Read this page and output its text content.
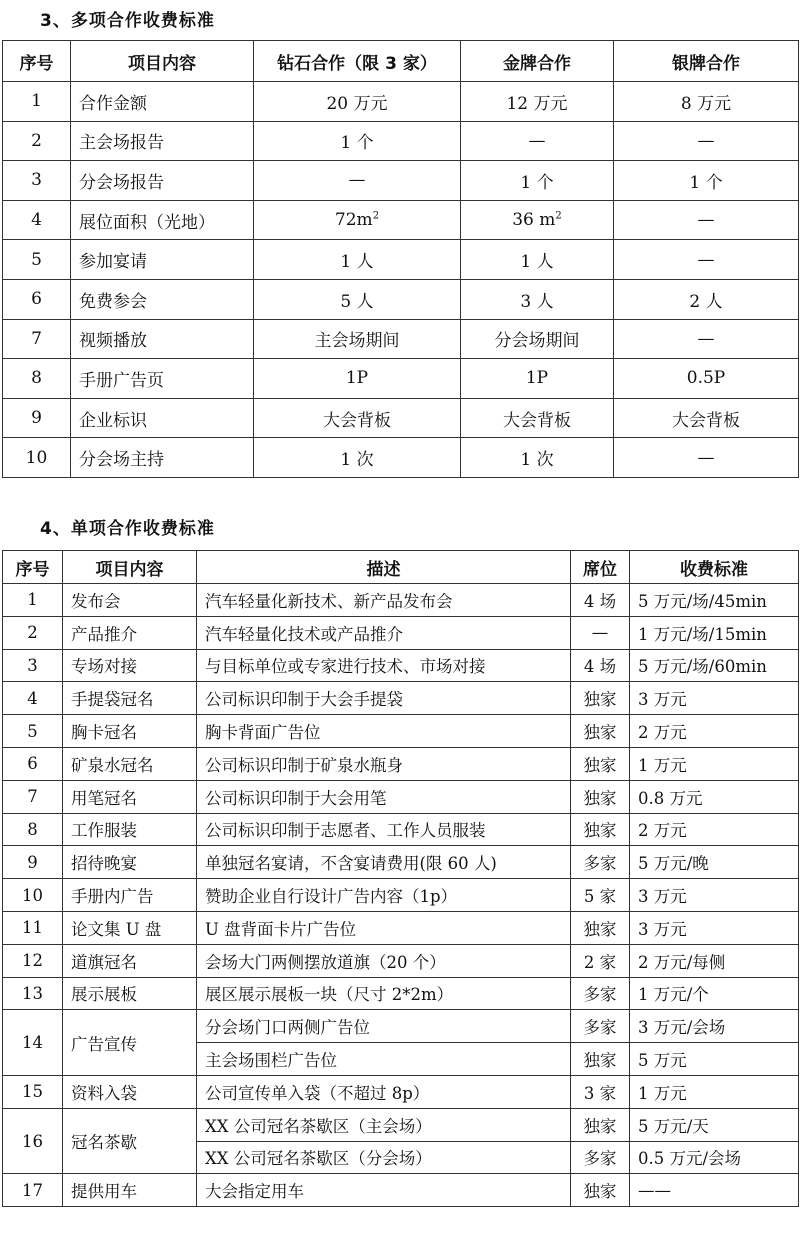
3、多项合作收费标准
序号	项目内容	钻石合作（限 3 家）	金牌合作	银牌合作
1	合作金额	20 万元	12 万元	8 万元
2	主会场报告	1 个	—	—
3	分会场报告	—	1 个	1 个
4	展位面积（光地）	$72m^2$	36 $m^2$	—
5	参加宴请	1 人	1 人	—
6	免费参会	5 人	3 人	2 人
7	视频播放	主会场期间	分会场期间	—
8	手册广告页	1P	1P	0.5P
9	企业标识	大会背板	大会背板	大会背板
10	分会场主持	1 次	1 次	—
4、单项合作收费标准
序号	项目内容	描述	席位	收费标准
1	发布会	汽车轻量化新技术、新产品发布会	4 场	5 万元/场/45min
2	产品推介	汽车轻量化技术或产品推介	—	1 万元/场/15min
3	专场对接	与目标单位或专家进行技术、市场对接	4 场	5 万元/场/60min
4	手提袋冠名	公司标识印制于大会手提袋	独家	3 万元
5	胸卡冠名	胸卡背面广告位	独家	2 万元
6	矿泉水冠名	公司标识印制于矿泉水瓶身	独家	1 万元
7	用笔冠名	公司标识印制于大会用笔	独家	0.8 万元
8	工作服装	公司标识印制于志愿者、工作人员服装	独家	2 万元
9	招待晚宴	单独冠名宴请，不含宴请费用(限 60 人)	多家	5 万元/晚
10	手册内广告	赞助企业自行设计广告内容（1p）	5 家	3 万元
11	论文集 U 盘	U 盘背面卡片广告位	独家	3 万元
12	道旗冠名	会场大门两侧摆放道旗（20 个）	2 家	2 万元/每侧
13	展示展板	展区展示展板一块（尺寸 2*2m）	多家	1 万元/个
14	广告宣传	分会场门口两侧广告位	多家	3 万元/会场
		主会场围栏广告位	独家	5 万元
15	资料入袋	公司宣传单入袋（不超过 8p）	3 家	1 万元
16	冠名茶歇	XX 公司冠名茶歇区（主会场）	独家	5 万元/天
		XX 公司冠名茶歇区（分会场）	多家	0.5 万元/会场
17	提供用车	大会指定用车	独家	——
